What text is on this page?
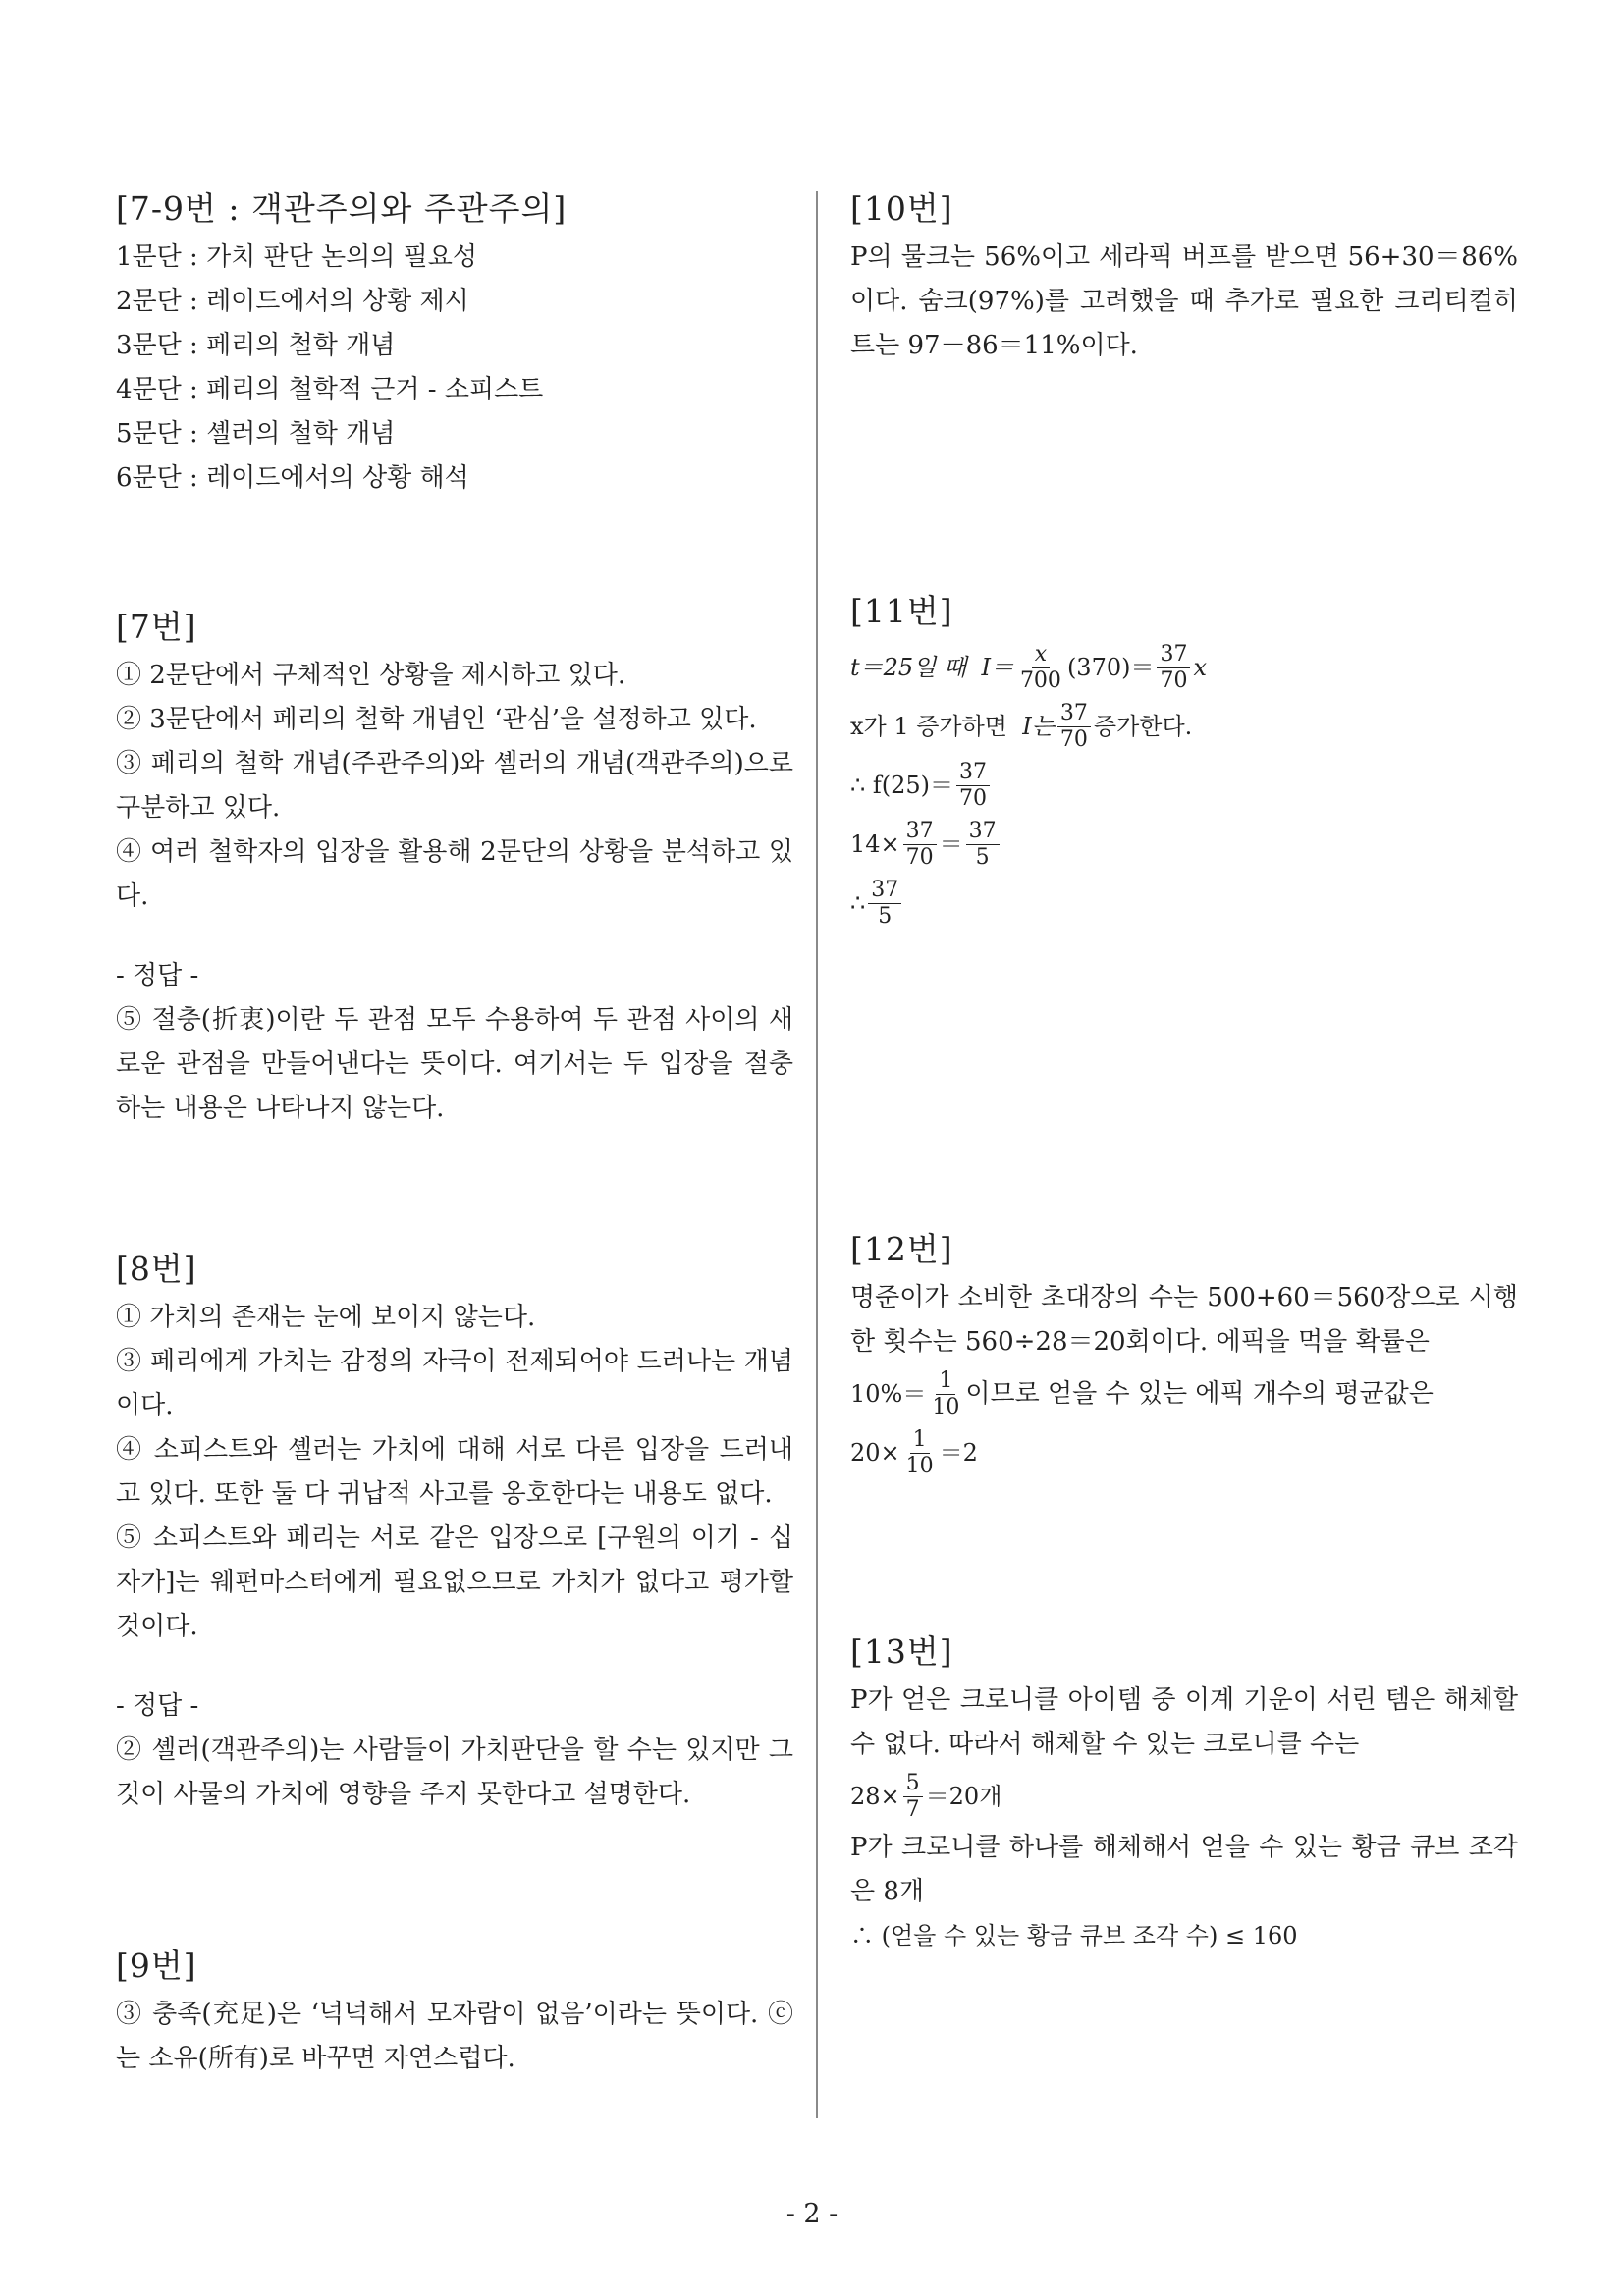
[7-9번 : 객관주의와 주관주의]
1문단 : 가치 판단 논의의 필요성
2문단 : 레이드에서의 상황 제시
3문단 : 페리의 철학 개념
4문단 : 페리의 철학적 근거 - 소피스트
5문단 : 셸러의 철학 개념
6문단 : 레이드에서의 상황 해석
[7번]
① 2문단에서 구체적인 상황을 제시하고 있다.
② 3문단에서 페리의 철학 개념인 ‘관심’을 설정하고 있다.
③ 페리의 철학 개념(주관주의)와 셸러의 개념(객관주의)으로 구분하고 있다.
④ 여러 철학자의 입장을 활용해 2문단의 상황을 분석하고 있다.
- 정답 -
⑤ 절충(折衷)이란 두 관점 모두 수용하여 두 관점 사이의 새로운 관점을 만들어낸다는 뜻이다. 여기서는 두 입장을 절충하는 내용은 나타나지 않는다.
[8번]
① 가치의 존재는 눈에 보이지 않는다.
③ 페리에게 가치는 감정의 자극이 전제되어야 드러나는 개념이다.
④ 소피스트와 셸러는 가치에 대해 서로 다른 입장을 드러내고 있다. 또한 둘 다 귀납적 사고를 옹호한다는 내용도 없다.
⑤ 소피스트와 페리는 서로 같은 입장으로 [구원의 이기 - 십자가]는 웨펀마스터에게 필요없으므로 가치가 없다고 평가할 것이다.
- 정답 -
② 셸러(객관주의)는 사람들이 가치판단을 할 수는 있지만 그것이 사물의 가치에 영향을 주지 못한다고 설명한다.
[9번]
③ 충족(充足)은 ‘넉넉해서 모자람이 없음’이라는 뜻이다. ⓒ는 소유(所有)로 바꾸면 자연스럽다.
[10번]
P의 물크는 56%이고 세라픽 버프를 받으면 56+30＝86%이다. 숨크(97%)를 고려했을 때 추가로 필요한 크리티컬히트는 97－86＝11%이다.
[11번]
t＝25일 때
$I= \frac{x}{700} (370)= \frac{37}{70}$ x
x가 1 증가하면
I는 $\frac{37}{70}$ 증가한다.
∴ $f(25)= \frac{37}{70}$
$14\times \frac{37}{70} = \frac{37}{5}$
∴ $\frac{37}{5}$
[12번]
명준이가 소비한 초대장의 수는 500+60＝560장으로 시행한 횟수는 560÷28＝20회이다. 에픽을 먹을 확률은
$10\%= \frac{1}{10}$ 이므로 얻을 수 있는 에픽 개수의 평균값은
$20\times \frac{1}{10} =2$
[13번]
P가 얻은 크로니클 아이템 중 이계 기운이 서린 템은 해체할 수 없다. 따라서 해체할 수 있는 크로니클 수는
$28\times \frac{5}{7} =20$개
P가 크로니클 하나를 해체해서 얻을 수 있는 황금 큐브 조각은 8개
∴ (얻을 수 있는 황금 큐브 조각 수) ≤ 160
- 2 -
